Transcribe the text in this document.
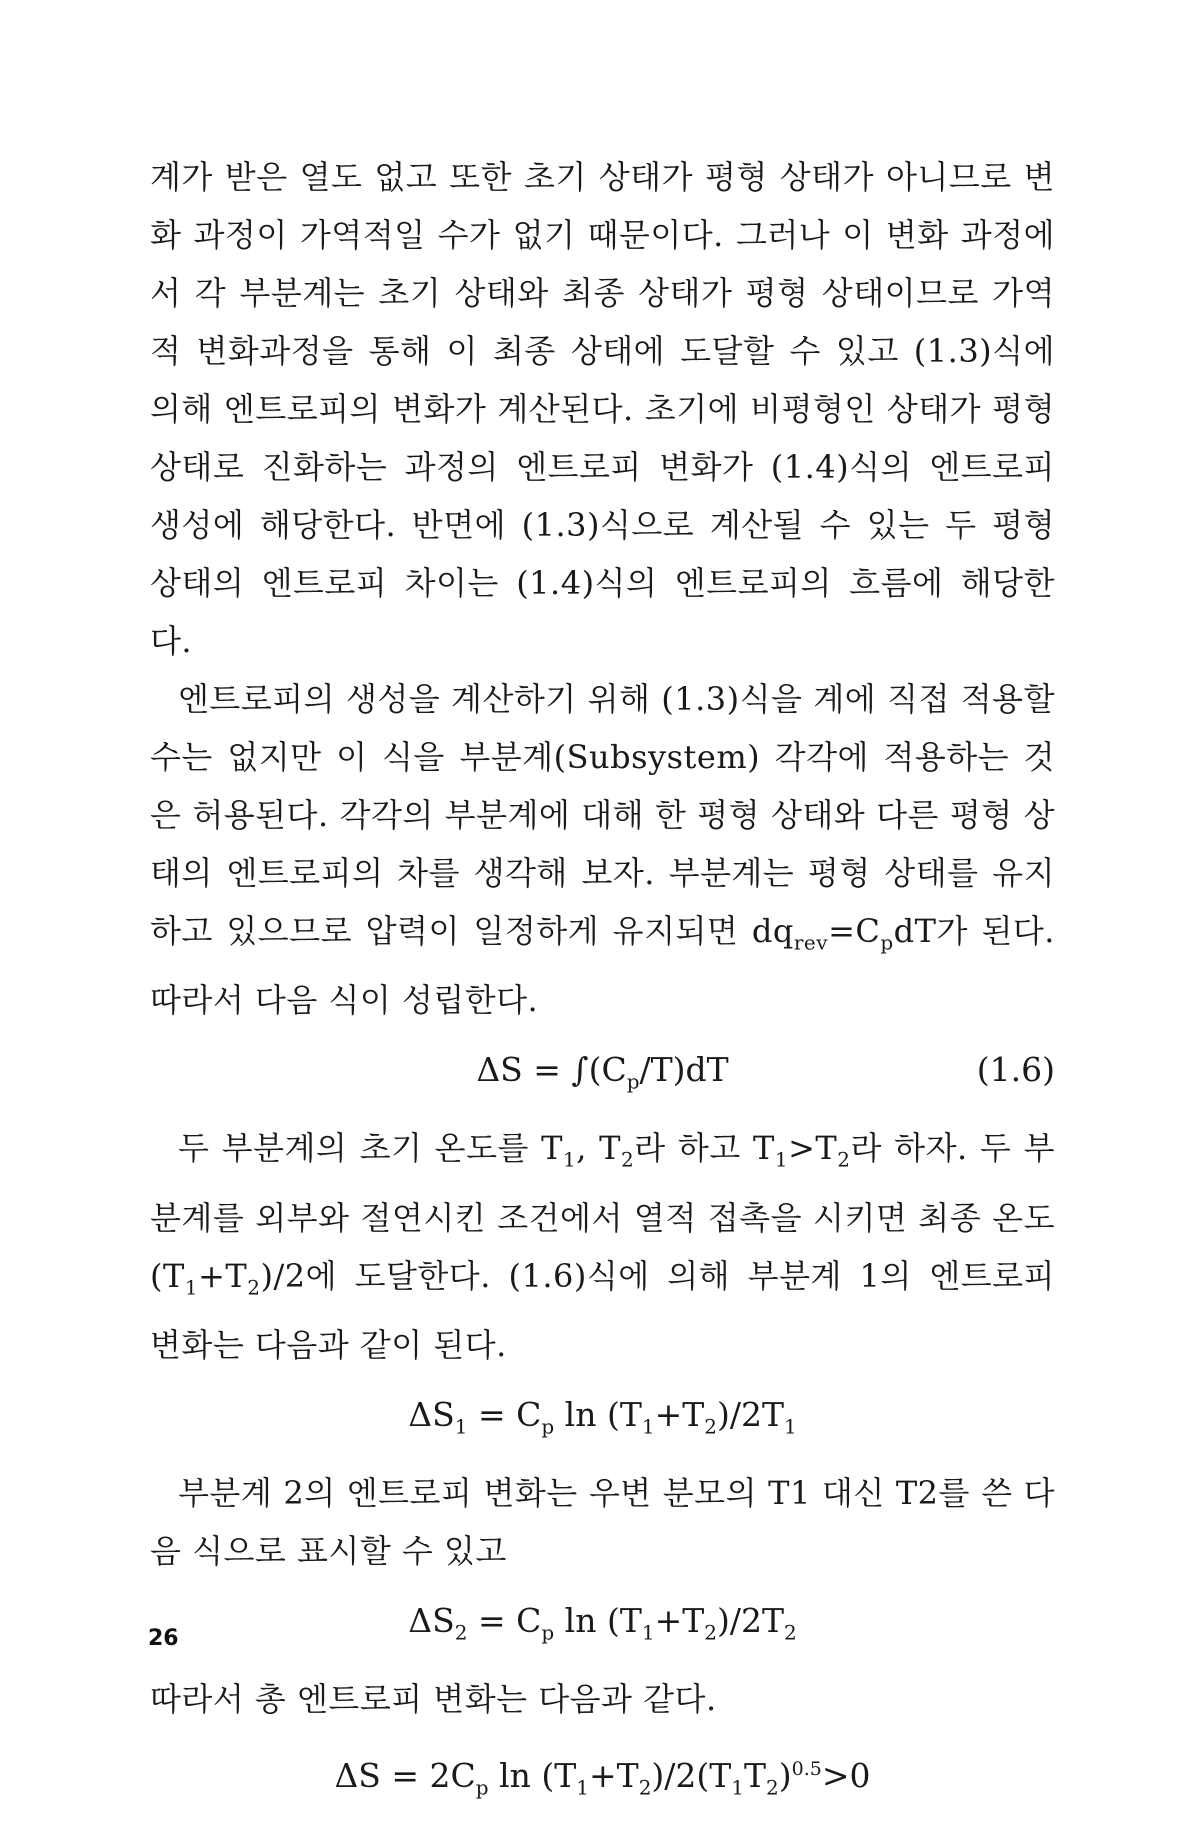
계가 받은 열도 없고 또한 초기 상태가 평형 상태가 아니므로 변화 과정이 가역적일 수가 없기 때문이다. 그러나 이 변화 과정에서 각 부분계는 초기 상태와 최종 상태가 평형 상태이므로 가역적 변화과정을 통해 이 최종 상태에 도달할 수 있고 (1.3)식에 의해 엔트로피의 변화가 계산된다. 초기에 비평형인 상태가 평형 상태로 진화하는 과정의 엔트로피 변화가 (1.4)식의 엔트로피 생성에 해당한다. 반면에 (1.3)식으로 계산될 수 있는 두 평형 상태의 엔트로피 차이는 (1.4)식의 엔트로피의 흐름에 해당한다.

엔트로피의 생성을 계산하기 위해 (1.3)식을 계에 직접 적용할 수는 없지만 이 식을 부분계(Subsystem) 각각에 적용하는 것은 허용된다. 각각의 부분계에 대해 한 평형 상태와 다른 평형 상태의 엔트로피의 차를 생각해 보자. 부분계는 평형 상태를 유지하고 있으므로 압력이 일정하게 유지되면 $dq_{rev}=C_pdT$가 된다. 따라서 다음 식이 성립한다.

$\Delta S = \int(C_p/T)dT$	(1.6)

두 부분계의 초기 온도를 $T_1$, $T_2$라 하고 $T_1>T_2$라 하자. 두 부분계를 외부와 절연시킨 조건에서 열적 접촉을 시키면 최종 온도 $(T_1+T_2)/2$에 도달한다. (1.6)식에 의해 부분계 1의 엔트로피 변화는 다음과 같이 된다.

$\Delta S_1 = C_p$ $\ln (T_1+T_2)/2T_1$

부분계 2의 엔트로피 변화는 우변 분모의 T1 대신 T2를 쓴 다음 식으로 표시할 수 있고

$\Delta S_2 = C_p$ $\ln (T_1+T_2)/2T_2$

따라서 총 엔트로피 변화는 다음과 같다.

$\Delta S = 2C_p$ $\ln (T_1+T_2)/2(T_1T_2)^{0.5}>0$
26
